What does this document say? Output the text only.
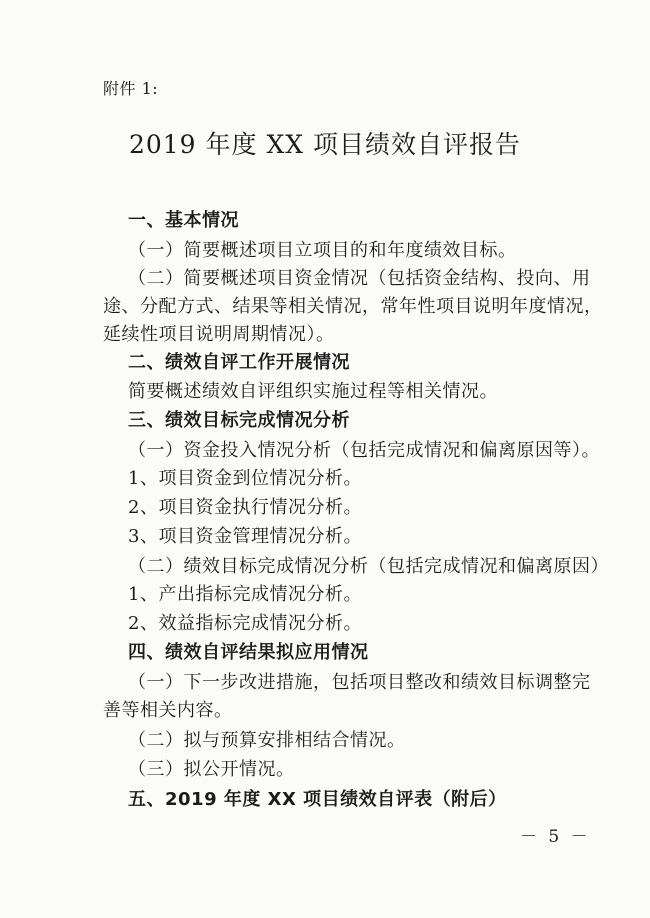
附件 1:
2019 年度 XX 项目绩效自评报告
一、基本情况
（一）简要概述项目立项目的和年度绩效目标。
（二）简要概述项目资金情况（包括资金结构、投向、用
途、分配方式、结果等相关情况，常年性项目说明年度情况，
延续性项目说明周期情况）。
二、绩效自评工作开展情况
简要概述绩效自评组织实施过程等相关情况。
三、绩效目标完成情况分析
（一）资金投入情况分析（包括完成情况和偏离原因等）。
1、项目资金到位情况分析。
2、项目资金执行情况分析。
3、项目资金管理情况分析。
（二）绩效目标完成情况分析（包括完成情况和偏离原因）
1、产出指标完成情况分析。
2、效益指标完成情况分析。
四、绩效自评结果拟应用情况
（一）下一步改进措施，包括项目整改和绩效目标调整完
善等相关内容。
（二）拟与预算安排相结合情况。
（三）拟公开情况。
五、2019 年度 XX 项目绩效自评表（附后）
－ 5 －
